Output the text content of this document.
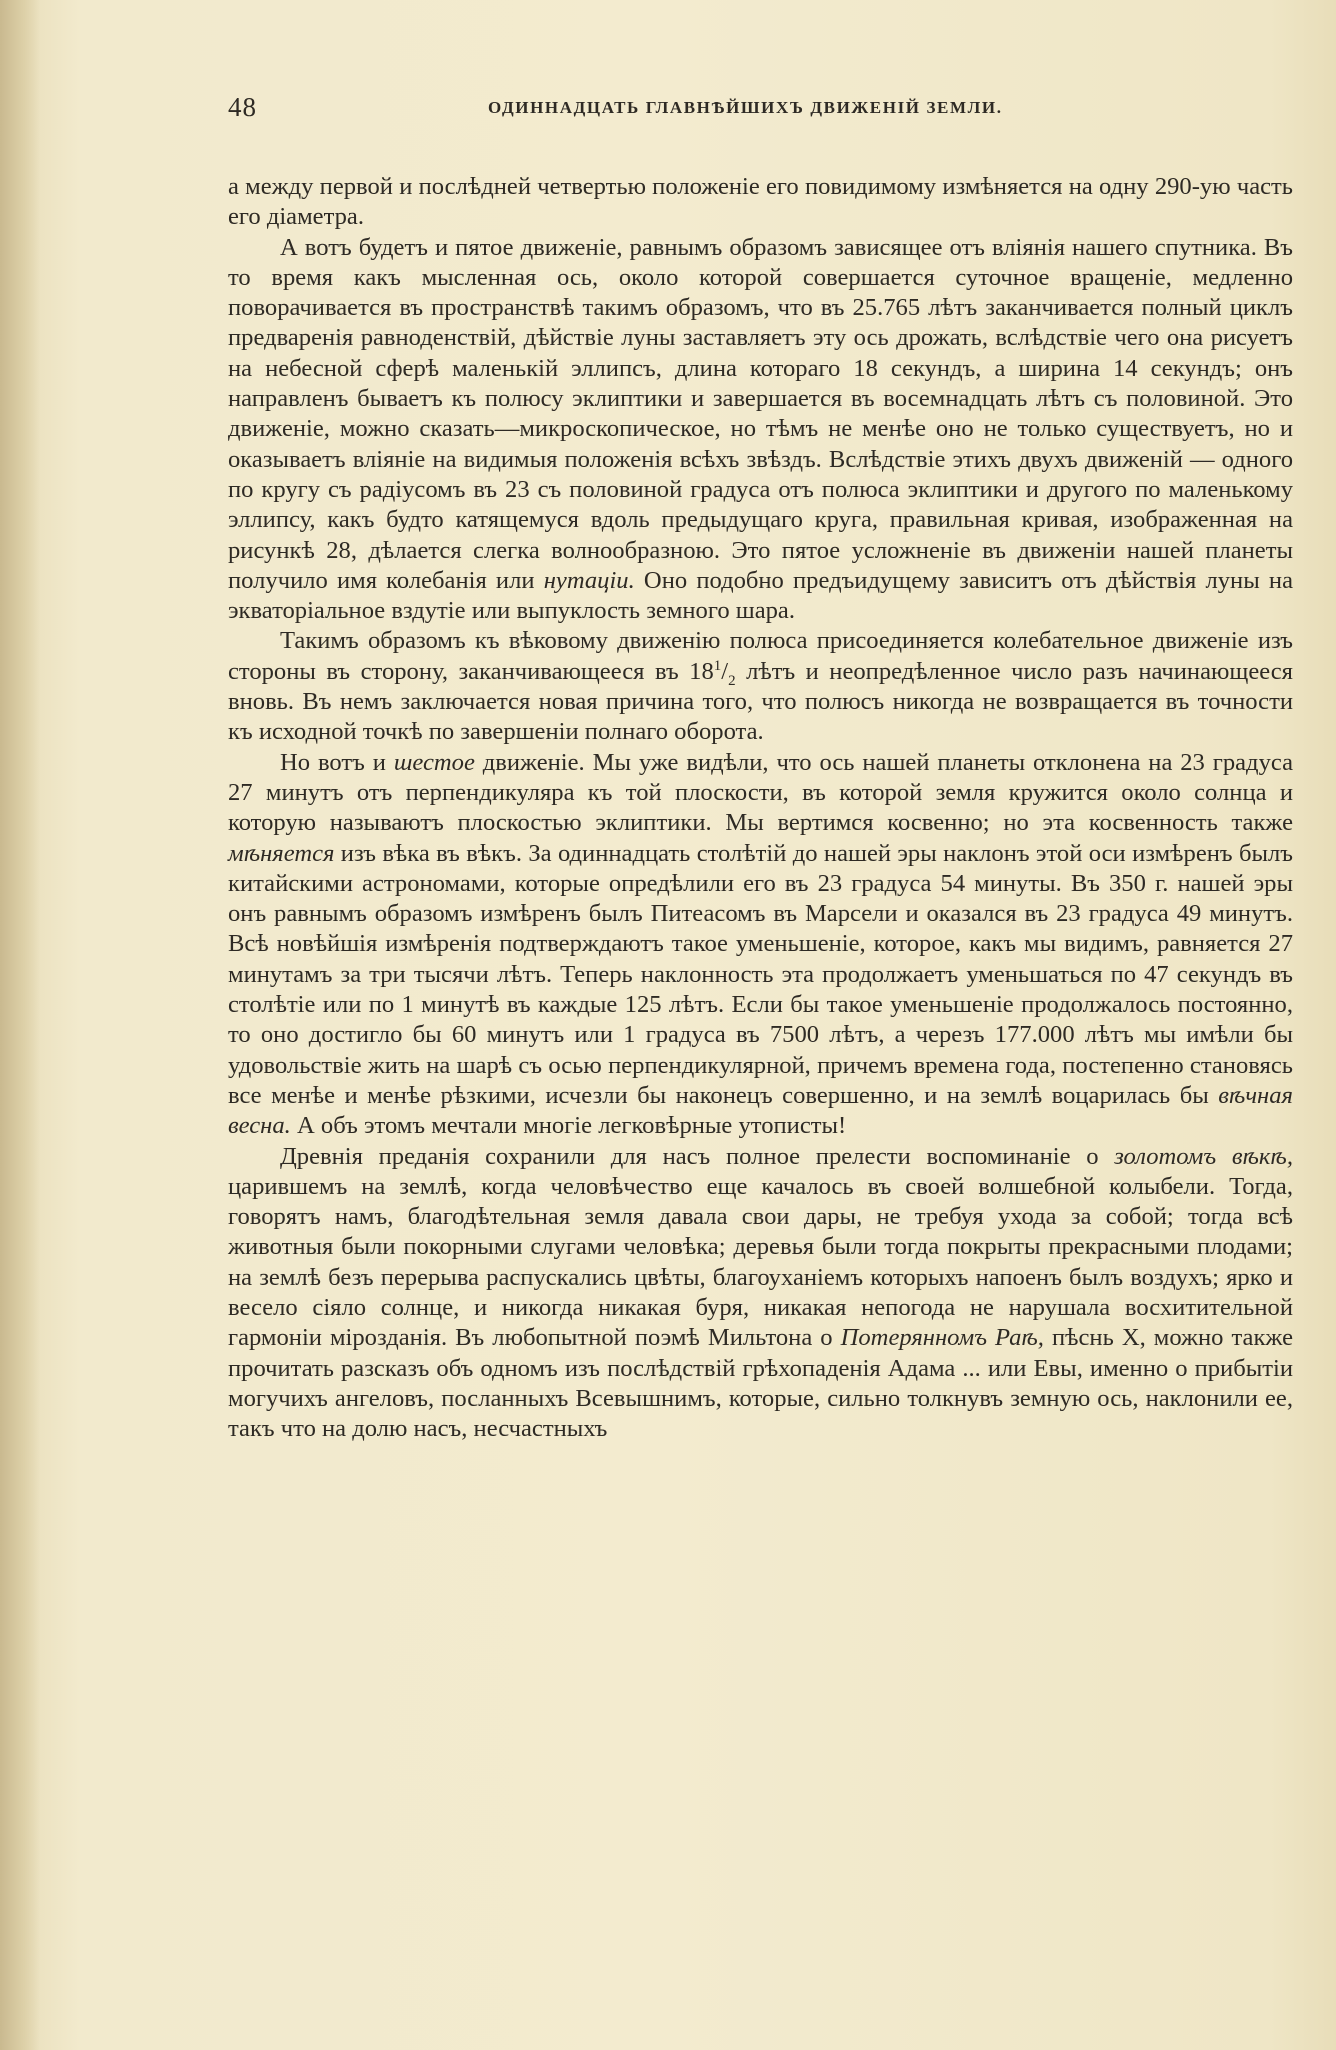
48	ОДИННАДЦАТЬ ГЛАВНѢЙШИХЪ ДВИЖЕНІЙ ЗЕМЛИ.

а между первой и послѣдней четвертью положеніе его повидимому измѣняется на одну 290-ую часть его діаметра.

А вотъ будетъ и пятое движеніе, равнымъ образомъ зависящее отъ вліянія нашего спутника. Въ то время какъ мысленная ось, около которой совершается суточное вращеніе, медленно поворачивается въ пространствѣ такимъ образомъ, что въ 25.765 лѣтъ заканчивается полный циклъ предваренія равноденствій, дѣйствіе луны заставляетъ эту ось дрожать, вслѣдствіе чего она рисуетъ на небесной сферѣ маленькій эллипсъ, длина котораго 18 секундъ, а ширина 14 секундъ; онъ направленъ бываетъ къ полюсу эклиптики и завершается въ восемнадцать лѣтъ съ половиной. Это движеніе, можно сказать—микроскопическое, но тѣмъ не менѣе оно не только существуетъ, но и оказываетъ вліяніе на видимыя положенія всѣхъ звѣздъ. Вслѣдствіе этихъ двухъ движеній — одного по кругу съ радіусомъ въ 23 съ половиной градуса отъ полюса эклиптики и другого по маленькому эллипсу, какъ будто катящемуся вдоль предыдущаго круга, правильная кривая, изображенная на рисункѣ 28, дѣлается слегка волнообразною. Это пятое усложненіе въ движеніи нашей планеты получило имя колебанія или нутаціи. Оно подобно предъидущему зависитъ отъ дѣйствія луны на экваторіальное вздутіе или выпуклость земного шара.

Такимъ образомъ къ вѣковому движенію полюса присоединяется колебательное движеніе изъ стороны въ сторону, заканчивающееся въ $18^1/_2$ лѣтъ и неопредѣленное число разъ начинающееся вновь. Въ немъ заключается новая причина того, что полюсъ никогда не возвращается въ точности къ исходной точкѣ по завершеніи полнаго оборота.

Но вотъ и шестое движеніе. Мы уже видѣли, что ось нашей планеты отклонена на 23 градуса 27 минутъ отъ перпендикуляра къ той плоскости, въ которой земля кружится около солнца и которую называютъ плоскостью эклиптики. Мы вертимся косвенно; но эта косвенность также мѣняется изъ вѣка въ вѣкъ. За одиннадцать столѣтій до нашей эры наклонъ этой оси измѣренъ былъ китайскими астрономами, которые опредѣлили его въ 23 градуса 54 минуты. Въ 350 г. нашей эры онъ равнымъ образомъ измѣренъ былъ Питеасомъ въ Марсели и оказался въ 23 градуса 49 минутъ. Всѣ новѣйшія измѣренія подтверждаютъ такое уменьшеніе, которое, какъ мы видимъ, равняется 27 минутамъ за три тысячи лѣтъ. Теперь наклонность эта продолжаетъ уменьшаться по 47 секундъ въ столѣтіе или по 1 минутѣ въ каждые 125 лѣтъ. Если бы такое уменьшеніе продолжалось постоянно, то оно достигло бы 60 минутъ или 1 градуса въ 7500 лѣтъ, а черезъ 177.000 лѣтъ мы имѣли бы удовольствіе жить на шарѣ съ осью перпендикулярной, причемъ времена года, постепенно становясь все менѣе и менѣе рѣзкими, исчезли бы наконецъ совершенно, и на землѣ воцарилась бы вѣчная весна. А объ этомъ мечтали многіе легковѣрные утописты!

Древнія преданія сохранили для насъ полное прелести воспоминаніе о золотомъ вѣкѣ, царившемъ на землѣ, когда человѣчество еще качалось въ своей волшебной колыбели. Тогда, говорятъ намъ, благодѣтельная земля давала свои дары, не требуя ухода за собой; тогда всѣ животныя были покорными слугами человѣка; деревья были тогда покрыты прекрасными плодами; на землѣ безъ перерыва распускались цвѣты, благоуханіемъ которыхъ напоенъ былъ воздухъ; ярко и весело сіяло солнце, и никогда никакая буря, никакая непогода не нарушала восхитительной гармоніи мірозданія. Въ любопытной поэмѣ Мильтона о Потерянномъ Раѣ, пѣснь X, можно также прочитать разсказъ объ одномъ изъ послѣдствій грѣхопаденія Адама ... или Евы, именно о прибытіи могучихъ ангеловъ, посланныхъ Всевышнимъ, которые, сильно толкнувъ земную ось, наклонили ее, такъ что на долю насъ, несчастныхъ
